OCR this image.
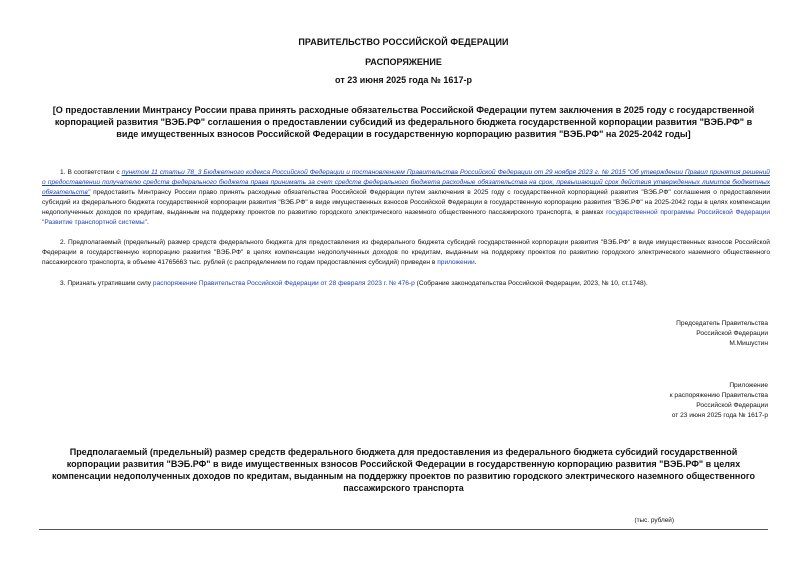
ПРАВИТЕЛЬСТВО РОССИЙСКОЙ ФЕДЕРАЦИИ
РАСПОРЯЖЕНИЕ
от 23 июня 2025 года № 1617-р
[О предоставлении Минтрансу России права принять расходные обязательства Российской Федерации путем заключения в 2025 году с государственной корпорацией развития "ВЭБ.РФ" соглашения о предоставлении субсидий из федерального бюджета государственной корпорации развития "ВЭБ.РФ" в виде имущественных взносов Российской Федерации в государственную корпорацию развития "ВЭБ.РФ" на 2025-2042 годы]
1. В соответствии с пунктом 11 статьи 78_3 Бюджетного кодекса Российской Федерации и постановлением Правительства Российской Федерации от 29 ноября 2023 г. № 2015 "Об утверждении Правил принятия решений о предоставлении получателю средств федерального бюджета права принимать за счет средств федерального бюджета расходные обязательства на срок, превышающий срок действия утвержденных лимитов бюджетных обязательств" предоставить Минтрансу России право принять расходные обязательства Российской Федерации путем заключения в 2025 году с государственной корпорацией развития "ВЭБ.РФ" соглашения о предоставлении субсидий из федерального бюджета государственной корпорации развития "ВЭБ.РФ" в виде имущественных взносов Российской Федерации в государственную корпорацию развития "ВЭБ.РФ" на 2025-2042 годы в целях компенсации недополученных доходов по кредитам, выданным на поддержку проектов по развитию городского электрического наземного общественного пассажирского транспорта, в рамках государственной программы Российской Федерации "Развитие транспортной системы".
2. Предполагаемый (предельный) размер средств федерального бюджета для предоставления из федерального бюджета субсидий государственной корпорации развития "ВЭБ.РФ" в виде имущественных взносов Российской Федерации в государственную корпорацию развития "ВЭБ.РФ" в целях компенсации недополученных доходов по кредитам, выданным на поддержку проектов по развитию городского электрического наземного общественного пассажирского транспорта, в объеме 41765663 тыс. рублей (с распределением по годам предоставления субсидий) приведен в приложении.
3. Признать утратившим силу распоряжение Правительства Российской Федерации от 28 февраля 2023 г. № 476-р (Собрание законодательства Российской Федерации, 2023, № 10, ст.1748).
Председатель Правительства
Российской Федерации
М.Мишустин
Приложение
к распоряжению Правительства
Российской Федерации
от 23 июня 2025 года № 1617-р
Предполагаемый (предельный) размер средств федерального бюджета для предоставления из федерального бюджета субсидий государственной корпорации развития "ВЭБ.РФ" в виде имущественных взносов Российской Федерации в государственную корпорацию развития "ВЭБ.РФ" в целях компенсации недополученных доходов по кредитам, выданным на поддержку проектов по развитию городского электрического наземного общественного пассажирского транспорта
(тыс. рублей)
